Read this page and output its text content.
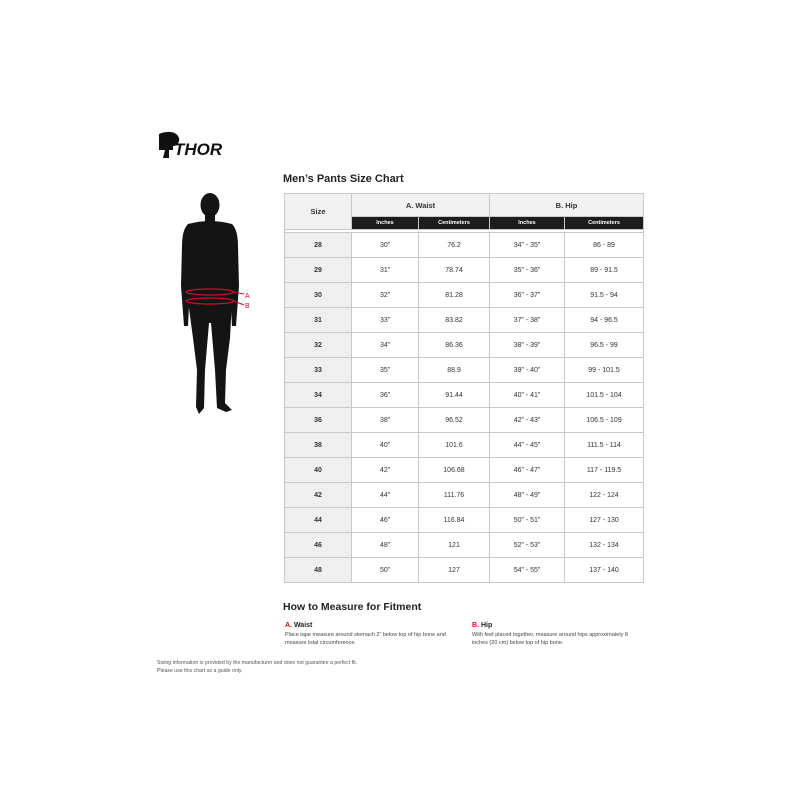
THOR
A
B
Men’s Pants Size Chart
Size	A. Waist		B. Hip	
	Inches	Centimeters	Inches	Centimeters

28	30”	76.2	34” - 35”	86 - 89
29	31”	78.74	35” - 36”	89 - 91.5
30	32”	81.28	36” - 37”	91.5 - 94
31	33”	83.82	37” - 38”	94 - 96.5
32	34”	86.36	38” - 39”	96.5 - 99
33	35”	88.9	39” - 40”	99 - 101.5
34	36”	91.44	40” - 41”	101.5 - 104
36	38”	96.52	42” - 43”	106.5 - 109
38	40”	101.6	44” - 45”	111.5 - 114
40	42”	106.68	46” - 47”	117 - 119.5
42	44”	111.76	48” - 49”	122 - 124
44	46”	116.84	50” - 51”	127 - 130
46	48”	121	52” - 53”	132 - 134
48	50”	127	54” - 55”	137 - 140
How to Measure for Fitment
A. Waist
Place tape measure around stomach 2” below top of hip bone and measure total circumference.
B. Hip
With feet placed together, measure around hips approximately 8 inches (20 cm) below top of hip bone.
Sizing information is provided by the manufacturer and does not guarantee a perfect fit.
Please use this chart as a guide only.
